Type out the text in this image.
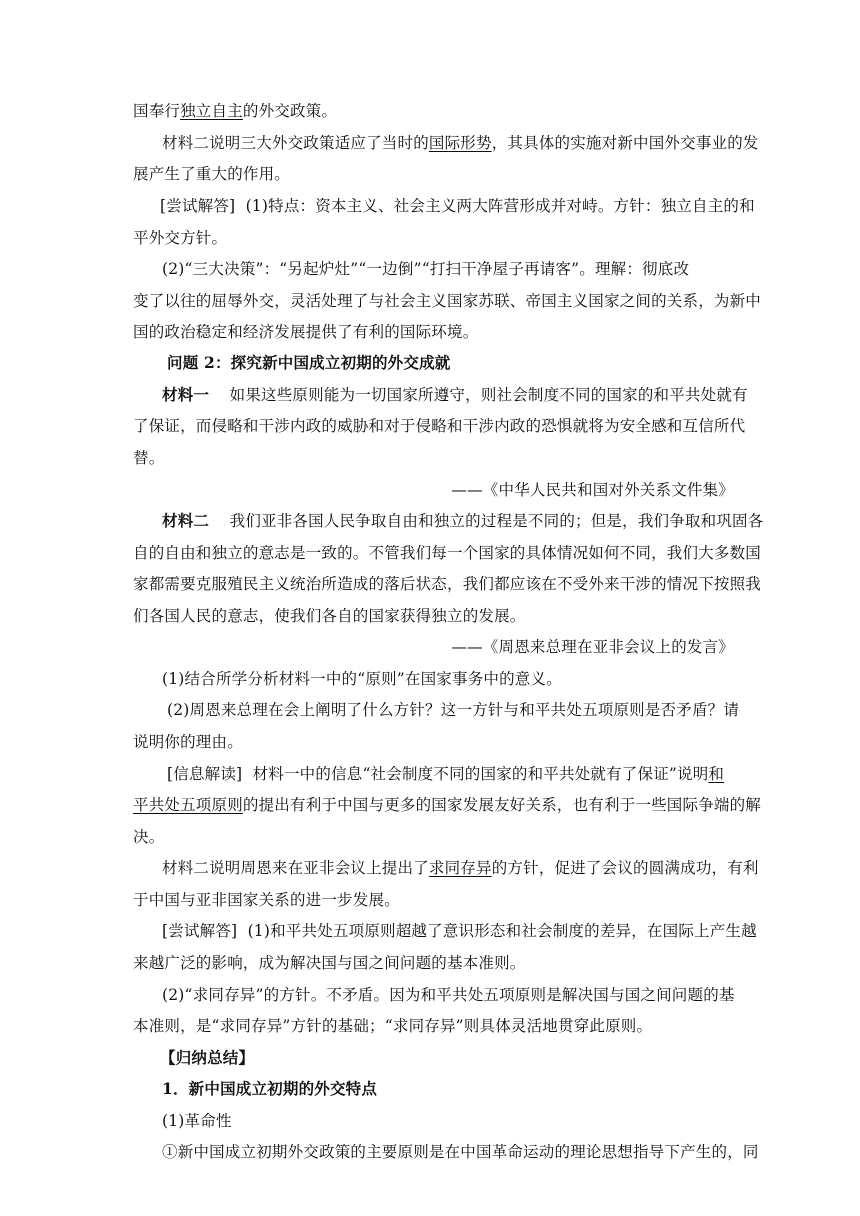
国奉行独立自主的外交政策。
材料二说明三大外交政策适应了当时的国际形势，其具体的实施对新中国外交事业的发
展产生了重大的作用。
[尝试解答] (1)特点：资本主义、社会主义两大阵营形成并对峙。方针：独立自主的和
平外交方针。
(2)“三大决策”：“另起炉灶”“一边倒”“打扫干净屋子再请客”。理解：彻底改
变了以往的屈辱外交，灵活处理了与社会主义国家苏联、帝国主义国家之间的关系，为新中
国的政治稳定和经济发展提供了有利的国际环境。
问题 2：探究新中国成立初期的外交成就
材料一 如果这些原则能为一切国家所遵守，则社会制度不同的国家的和平共处就有
了保证，而侵略和干涉内政的威胁和对于侵略和干涉内政的恐惧就将为安全感和互信所代
替。
——《中华人民共和国对外关系文件集》
材料二 我们亚非各国人民争取自由和独立的过程是不同的；但是，我们争取和巩固各
自的自由和独立的意志是一致的。不管我们每一个国家的具体情况如何不同，我们大多数国
家都需要克服殖民主义统治所造成的落后状态，我们都应该在不受外来干涉的情况下按照我
们各国人民的意志，使我们各自的国家获得独立的发展。
——《周恩来总理在亚非会议上的发言》
(1)结合所学分析材料一中的“原则”在国家事务中的意义。
(2)周恩来总理在会上阐明了什么方针？这一方针与和平共处五项原则是否矛盾？请
说明你的理由。
[信息解读] 材料一中的信息“社会制度不同的国家的和平共处就有了保证”说明和
平共处五项原则的提出有利于中国与更多的国家发展友好关系，也有利于一些国际争端的解
决。
材料二说明周恩来在亚非会议上提出了求同存异的方针，促进了会议的圆满成功，有利
于中国与亚非国家关系的进一步发展。
[尝试解答] (1)和平共处五项原则超越了意识形态和社会制度的差异，在国际上产生越
来越广泛的影响，成为解决国与国之间问题的基本准则。
(2)“求同存异”的方针。不矛盾。因为和平共处五项原则是解决国与国之间问题的基
本准则，是“求同存异”方针的基础；“求同存异”则具体灵活地贯穿此原则。
【归纳总结】
1．新中国成立初期的外交特点
(1)革命性
①新中国成立初期外交政策的主要原则是在中国革命运动的理论思想指导下产生的，同
